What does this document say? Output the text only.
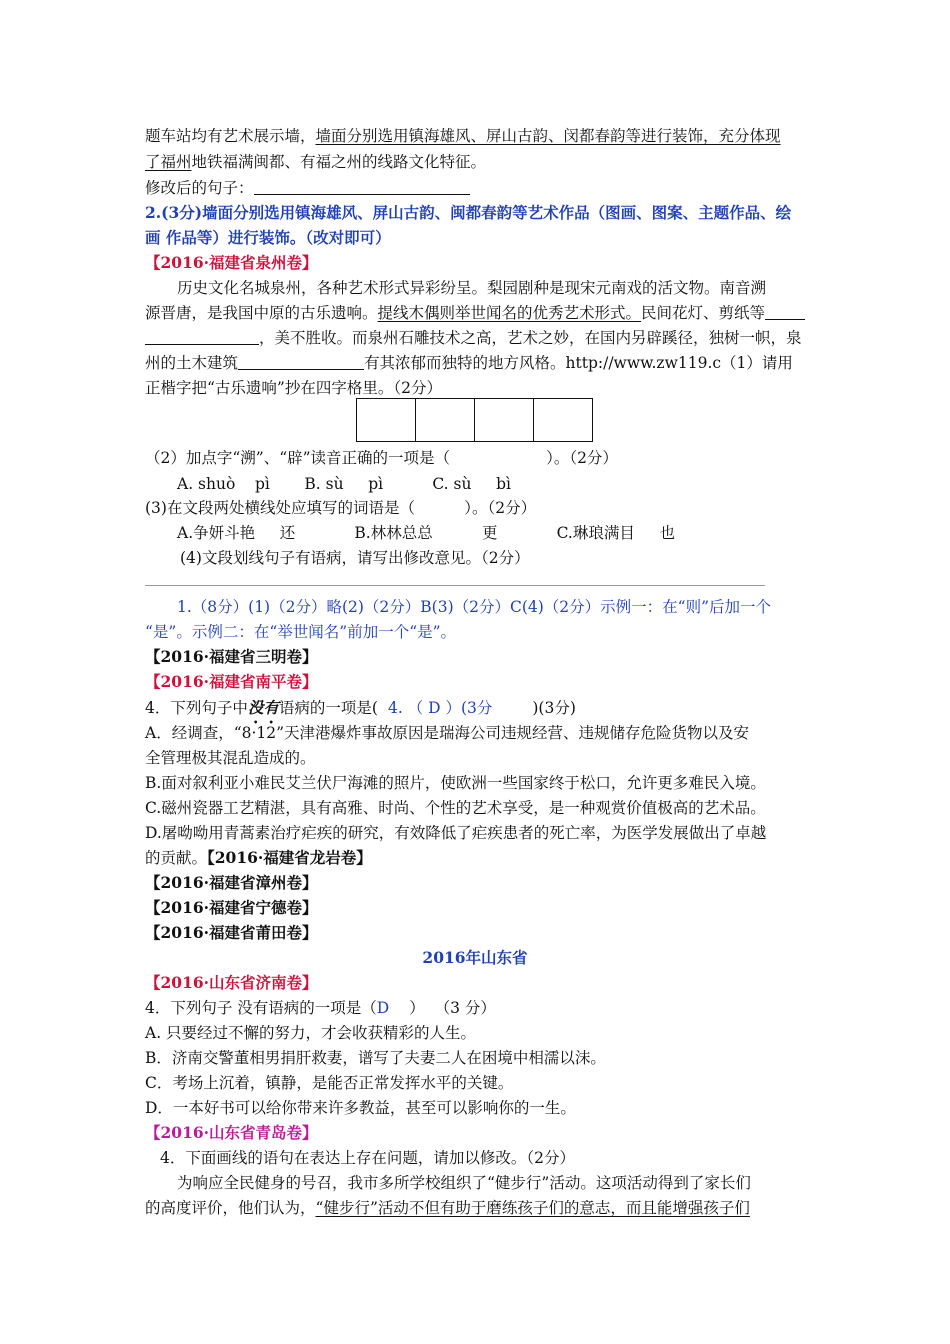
题车站均有艺术展示墙，墙面分别选用镇海雄风、屏山古韵、闵都春韵等进行装饰，充分体现
了福州地铁福满闽都、有福之州的线路文化特征。
修改后的句子：
2.(3分)墙面分别选用镇海雄风、屏山古韵、闽都春韵等艺术作品（图画、图案、主题作品、绘
画 作品等）进行装饰。（改对即可）
【2016·福建省泉州卷】
历史文化名城泉州，各种艺术形式异彩纷呈。梨园剧种是现宋元南戏的活文物。南音溯
源晋唐，是我国中原的古乐遗响。提线木偶则举世闻名的优秀艺术形式。民间花灯、剪纸等
，美不胜收。而泉州石雕技术之高，艺术之妙，在国内另辟蹊径，独树一帜，泉
州的土木建筑	有其浓郁而独特的地方风格。http://www.zw119.c（1）请用
正楷字把“古乐遗响”抄在四字格里。（2分）
（2）加点字“溯”、“辟”读音正确的一项是（	）。（2分）
A. shuò    pì       B. sù     pì          C. sù     bì
(3)在文段两处横线处应填写的词语是（          ）。（2分）
A.争妍斗艳     还            B.林林总总          更            C.琳琅满目     也
(4)文段划线句子有语病，请写出修改意见。（2分）
1.（8分）(1)（2分）略(2)（2分）B(3)（2分）C(4)（2分）示例一：在“则”后加一个
“是”。示例二：在“举世闻名”前加一个“是”。
【2016·福建省三明卷】
【2016·福建省南平卷】
4．下列句子中没有语病的一项是( 4. （ D ）(3分	)(3分)
A．经调查，“8·12”天津港爆炸事故原因是瑞海公司违规经营、违规储存危险货物以及安
全管理极其混乱造成的。
B.面对叙利亚小难民艾兰伏尸海滩的照片，使欧洲一些国家终于松口，允许更多难民入境。
C.磁州瓷器工艺精湛，具有高雅、时尚、个性的艺术享受，是一种观赏价值极高的艺术品。
D.屠呦呦用青蒿素治疗疟疾的研究，有效降低了疟疾患者的死亡率，为医学发展做出了卓越
的贡献。【2016·福建省龙岩卷】
【2016·福建省漳州卷】
【2016·福建省宁德卷】
【2016·福建省莆田卷】
2016年山东省
【2016·山东省济南卷】
4．下列句子 没有语病的一项是（D ）  （3 分）
A. 只要经过不懈的努力，才会收获精彩的人生。
B．济南交警董相男捐肝救妻，谱写了夫妻二人在困境中相濡以沫。
C．考场上沉着，镇静，是能否正常发挥水平的关键。
D．一本好书可以给你带来许多教益，甚至可以影响你的一生。
【2016·山东省青岛卷】
4．下面画线的语句在表达上存在问题，请加以修改。（2分）
为响应全民健身的号召，我市多所学校组织了“健步行”活动。这项活动得到了家长们
的高度评价，他们认为，“健步行”活动不但有助于磨练孩子们的意志，而且能增强孩子们
